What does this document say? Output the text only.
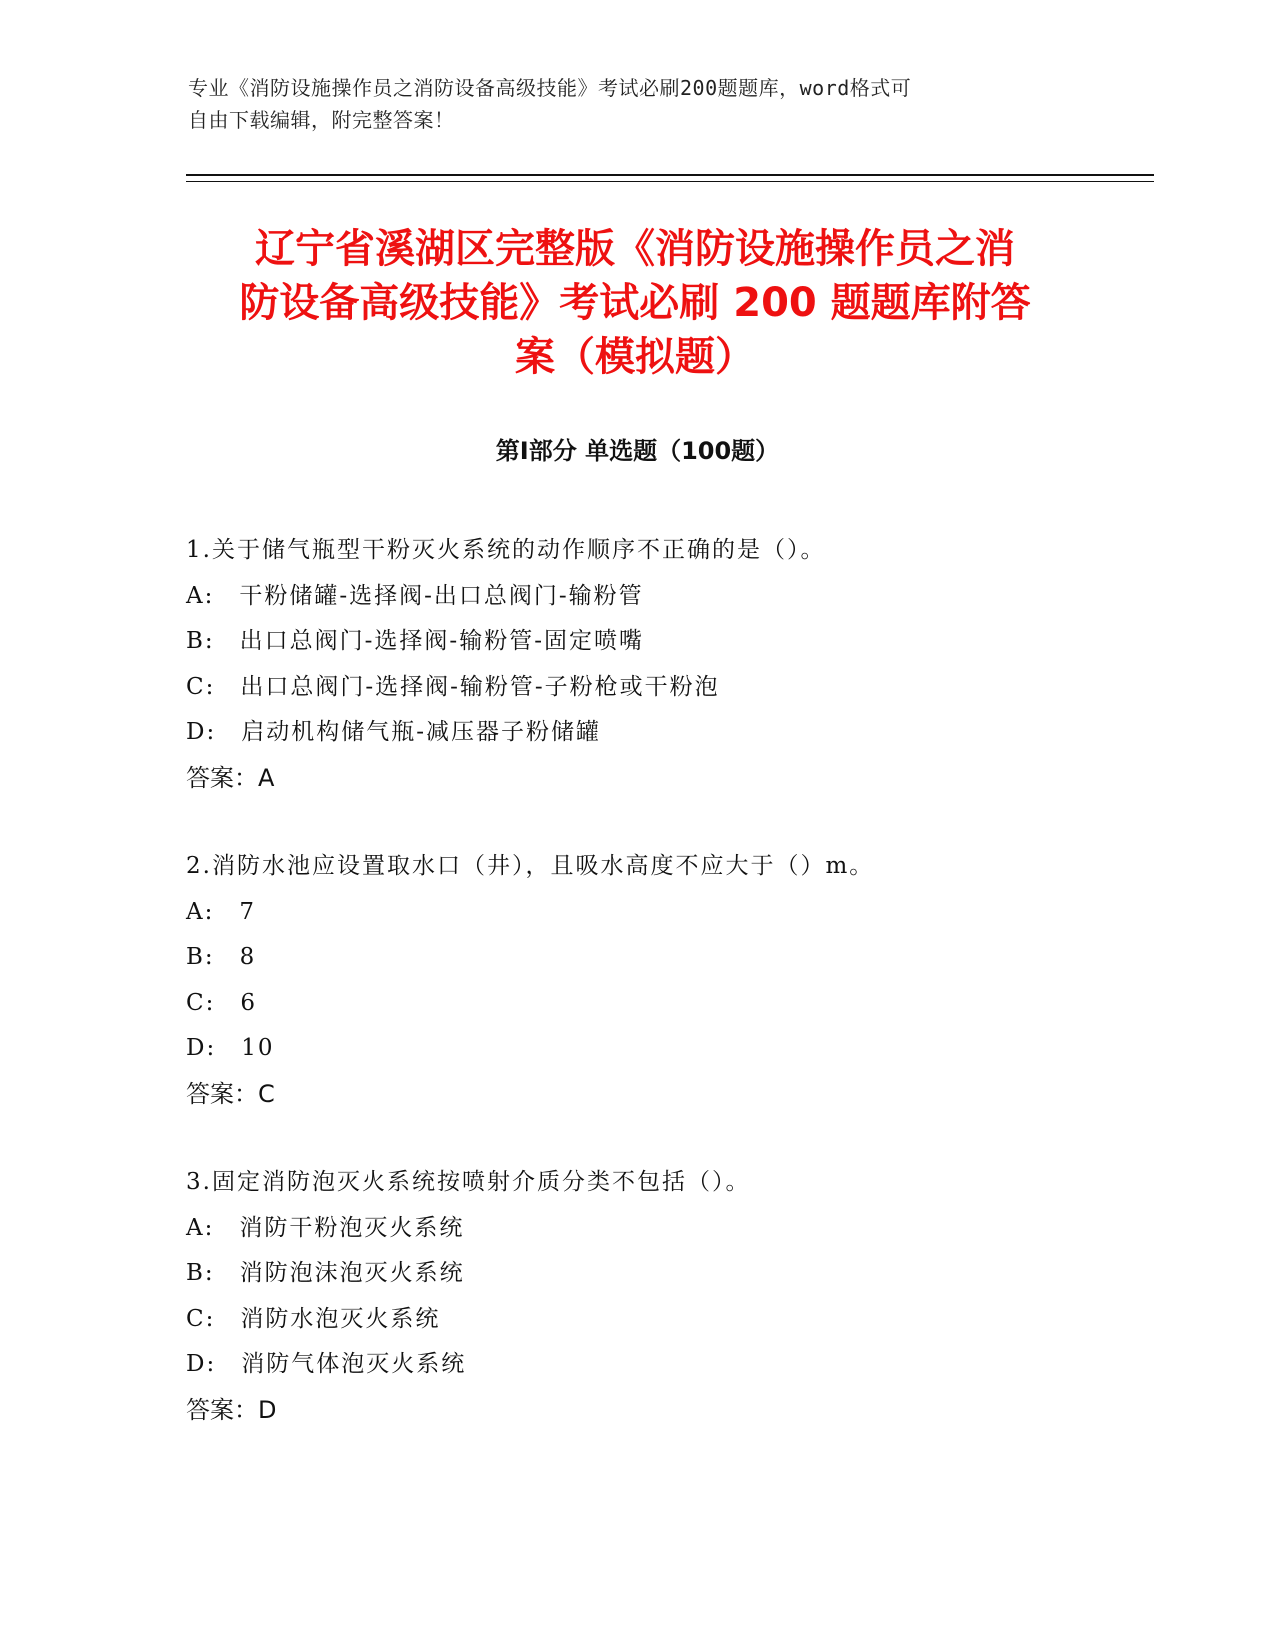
专业《消防设施操作员之消防设备高级技能》考试必刷200题题库，word格式可
自由下载编辑，附完整答案！
辽宁省溪湖区完整版《消防设施操作员之消
防设备高级技能》考试必刷 200 题题库附答
案（模拟题）
第Ⅰ部分 单选题（100题）
1.关于储气瓶型干粉灭火系统的动作顺序不正确的是（）。
A:　干粉储罐-选择阀-出口总阀门-输粉管
B:　出口总阀门-选择阀-输粉管-固定喷嘴
C:　出口总阀门-选择阀-输粉管-子粉枪或干粉泡
D:　启动机构储气瓶-减压器子粉储罐
答案：A
2.消防水池应设置取水口（井），且吸水高度不应大于（）m。
A:　7
B:　8
C:　6
D:　10
答案：C
3.固定消防泡灭火系统按喷射介质分类不包括（）。
A:　消防干粉泡灭火系统
B:　消防泡沫泡灭火系统
C:　消防水泡灭火系统
D:　消防气体泡灭火系统
答案：D
